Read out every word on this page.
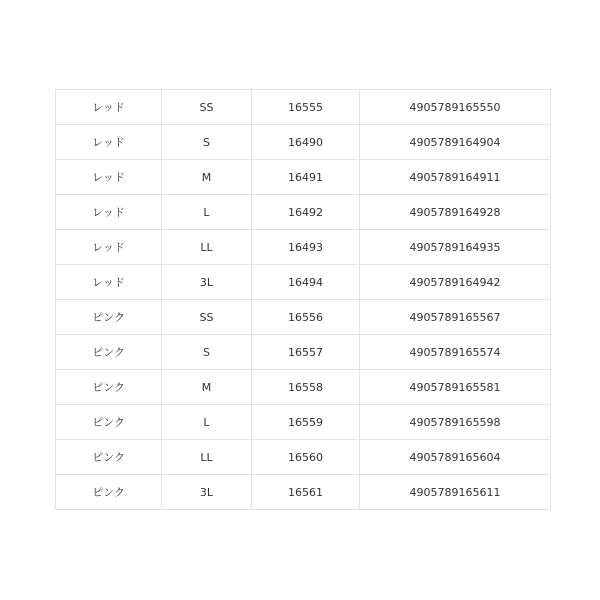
レッド	SS	16555	4905789165550
レッド	S	16490	4905789164904
レッド	M	16491	4905789164911
レッド	L	16492	4905789164928
レッド	LL	16493	4905789164935
レッド	3L	16494	4905789164942
ピンク	SS	16556	4905789165567
ピンク	S	16557	4905789165574
ピンク	M	16558	4905789165581
ピンク	L	16559	4905789165598
ピンク	LL	16560	4905789165604
ピンク	3L	16561	4905789165611
